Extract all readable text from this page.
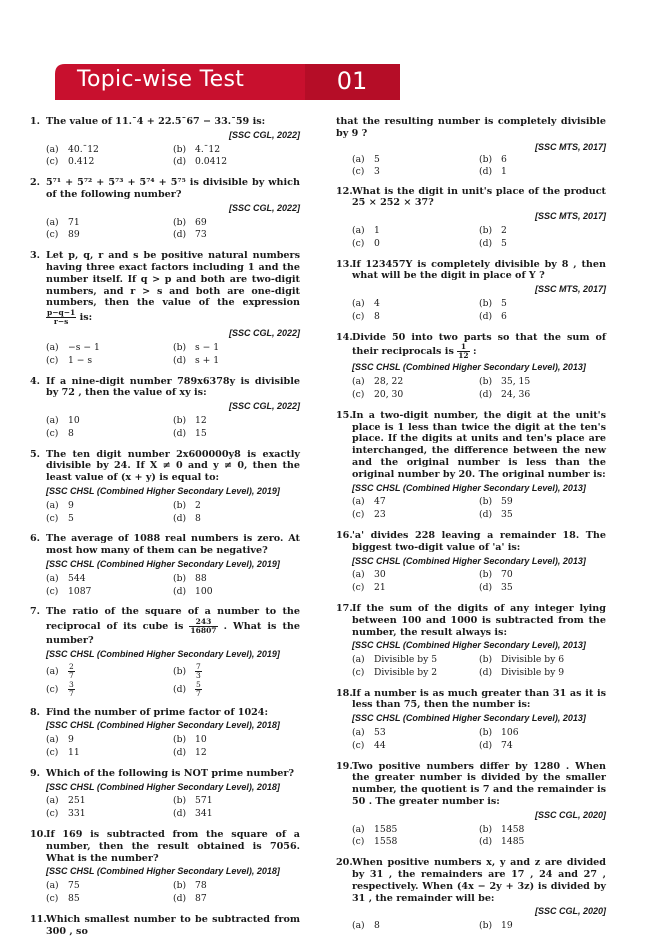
Topic-wise Test	01
1. The value of 11.¯4 + 22.5¯67 − 33.¯59 is:
[SSC CGL, 2022]
(a) 40.¯12	(b) 4.¯12
(c) 0.412	(d) 0.0412
2. 5⁷¹ + 5⁷² + 5⁷³ + 5⁷⁴ + 5⁷⁵ is divisible by which of the following number?
[SSC CGL, 2022]
(a) 71	(b) 69
(c) 89	(d) 73
3. Let p, q, r and s be positive natural numbers having three exact factors including 1 and the number itself. If q > p and both are two-digit numbers, and r > s and both are one-digit numbers, then the value of the expression
$\frac{p-q-1}{r-s}$ is:
[SSC CGL, 2022]
(a) −s − 1	(b) s − 1
(c) 1 − s	(d) s + 1
4. If a nine-digit number 789x6378y is divisible by 72 , then the value of xy is:
[SSC CGL, 2022]
(a) 10	(b) 12
(c) 8	(d) 15
5. The ten digit number 2x600000y8 is exactly divisible by 24. If X ≠ 0 and y ≠ 0, then the least value of (x + y) is equal to:
[SSC CHSL (Combined Higher Secondary Level), 2019]
(a) 9	(b) 2
(c) 5	(d) 8
6. The average of 1088 real numbers is zero. At most how many of them can be negative?
[SSC CHSL (Combined Higher Secondary Level), 2019]
(a) 544	(b) 88
(c) 1087	(d) 100
7. The ratio of the square of a number to the reciprocal of its cube is $\frac{243}{16807}$ . What is the number?
[SSC CHSL (Combined Higher Secondary Level), 2019]
$(a) \frac{2}{7}$	$(b) \frac{7}{3}$
$(c) \frac{3}{7}$	$(d) \frac{5}{7}$
8. Find the number of prime factor of 1024:
[SSC CHSL (Combined Higher Secondary Level), 2018]
(a) 9	(b) 10
(c) 11	(d) 12
9. Which of the following is NOT prime number?
[SSC CHSL (Combined Higher Secondary Level), 2018]
(a) 251	(b) 571
(c) 331	(d) 341
10. If 169 is subtracted from the square of a number, then the result obtained is 7056. What is the number?
[SSC CHSL (Combined Higher Secondary Level), 2018]
(a) 75	(b) 78
(c) 85	(d) 87
11. Which smallest number to be subtracted from 300 , so
that the resulting number is completely divisible by 9 ?
[SSC MTS, 2017]
(a) 5	(b) 6
(c) 3	(d) 1
12. What is the digit in unit's place of the product 25 × 252 × 37?
[SSC MTS, 2017]
(a) 1	(b) 2
(c) 0	(d) 5
13. If 123457Y is completely divisible by 8 , then what will be the digit in place of Y ?
[SSC MTS, 2017]
(a) 4	(b) 5
(c) 8	(d) 6
14. Divide 50 into two parts so that the sum of their reciprocals is $\frac{1}{12}$ :
[SSC CHSL (Combined Higher Secondary Level), 2013]
(a) 28, 22	(b) 35, 15
(c) 20, 30	(d) 24, 36
15. In a two-digit number, the digit at the unit's place is 1 less than twice the digit at the ten's place. If the digits at units and ten's place are interchanged, the difference between the new and the original number is less than the original number by 20. The original number is:
[SSC CHSL (Combined Higher Secondary Level), 2013]
(a) 47	(b) 59
(c) 23	(d) 35
16. 'a' divides 228 leaving a remainder 18. The biggest two-digit value of 'a' is:
[SSC CHSL (Combined Higher Secondary Level), 2013]
(a) 30	(b) 70
(c) 21	(d) 35
17. If the sum of the digits of any integer lying between 100 and 1000 is subtracted from the number, the result always is:
[SSC CHSL (Combined Higher Secondary Level), 2013]
(a) Divisible by 5	(b) Divisible by 6
(c) Divisible by 2	(d) Divisible by 9
18. If a number is as much greater than 31 as it is less than 75, then the number is:
[SSC CHSL (Combined Higher Secondary Level), 2013]
(a) 53	(b) 106
(c) 44	(d) 74
19. Two positive numbers differ by 1280 . When the greater number is divided by the smaller number, the quotient is 7 and the remainder is 50 . The greater number is:
[SSC CGL, 2020]
(a) 1585	(b) 1458
(c) 1558	(d) 1485
20. When positive numbers x, y and z are divided by 31 , the remainders are 17 , 24 and 27 , respectively. When (4x − 2y + 3z) is divided by 31 , the remainder will be:
[SSC CGL, 2020]
(a) 8	(b) 19
